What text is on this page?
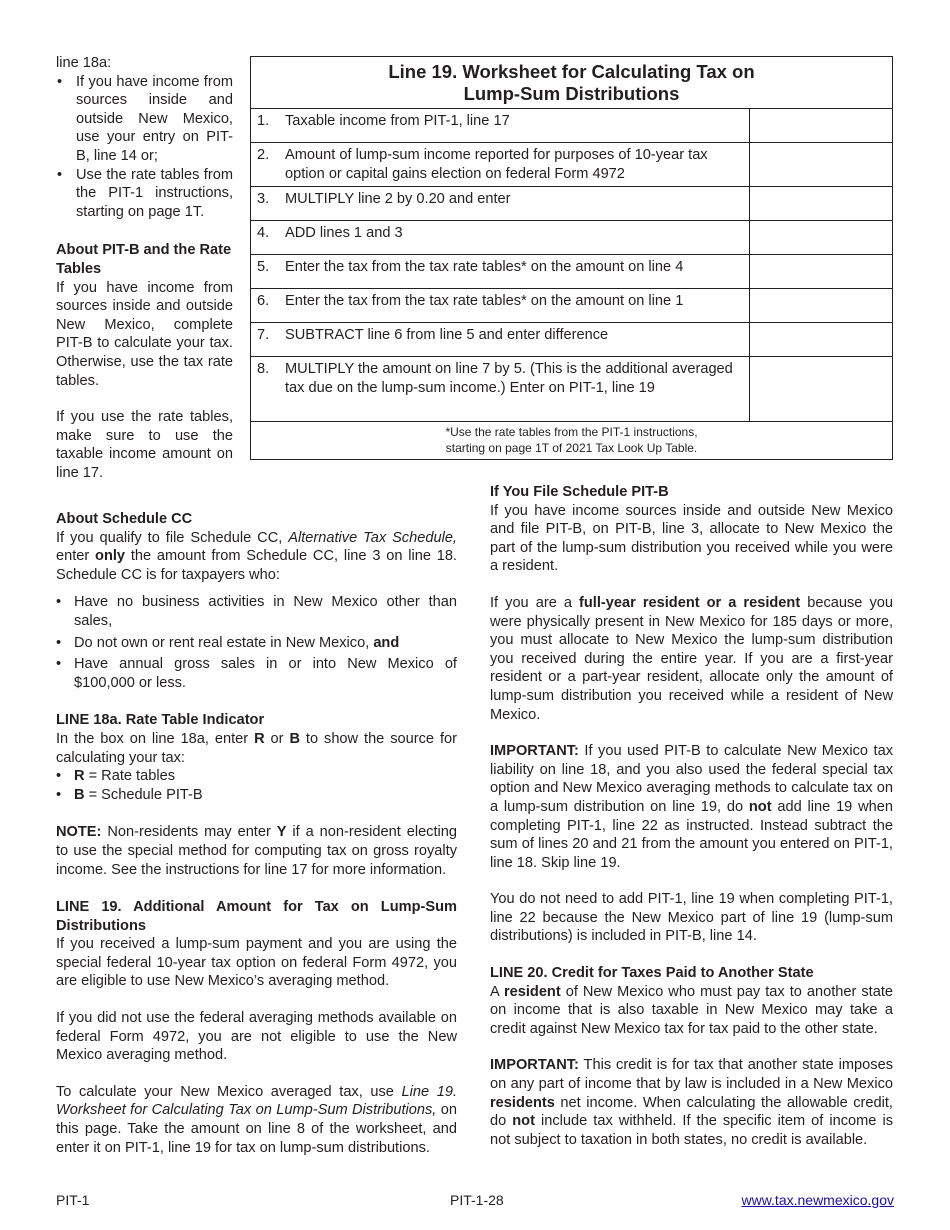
line 18a:

• If you have income from sources inside and outside New Mexico, use your entry on PIT-B, line 14 or;
• Use the rate tables from the PIT-1 instructions, starting on page 1T.
About PIT-B and the Rate Tables

If you have income from sources inside and outside New Mexico, complete PIT-B to calculate your tax. Otherwise, use the tax rate tables.

If you use the rate tables, make sure to use the taxable income amount on line 17.

Line 19. Worksheet for Calculating Tax on
Lump-Sum Distributions
1.	Taxable income from PIT-1, line 17
2.	Amount of lump-sum income reported for purposes of 10-year tax option or capital gains election on federal Form 4972
3.	MULTIPLY line 2 by 0.20 and enter
4.	ADD lines 1 and 3
5.	Enter the tax from the tax rate tables* on the amount on line 4
6.	Enter the tax from the tax rate tables* on the amount on line 1
7.	SUBTRACT line 6 from line 5 and enter difference
8.	MULTIPLY the amount on line 7 by 5. (This is the additional averaged tax due on the lump-sum income.) Enter on PIT-1, line 19
*Use the rate tables from the PIT-1 instructions,
starting on page 1T of 2021 Tax Look Up Table.
About Schedule CC

If you qualify to file Schedule CC, Alternative Tax Schedule, enter only the amount from Schedule CC, line 3 on line 18. Schedule CC is for taxpayers who:

• Have no business activities in New Mexico other than sales,
• Do not own or rent real estate in New Mexico, and
• Have annual gross sales in or into New Mexico of $100,000 or less.
LINE 18a. Rate Table Indicator

In the box on line 18a, enter R or B to show the source for calculating your tax:

• R = Rate tables
• B = Schedule PIT-B

NOTE: Non-residents may enter Y if a non-resident electing to use the special method for computing tax on gross royalty income. See the instructions for line 17 for more information.

LINE 19. Additional Amount for Tax on Lump-Sum Distributions

If you received a lump-sum payment and you are using the special federal 10-year tax option on federal Form 4972, you are eligible to use New Mexico’s averaging method.

If you did not use the federal averaging methods available on federal Form 4972, you are not eligible to use the New Mexico averaging method.

To calculate your New Mexico averaged tax, use Line 19. Worksheet for Calculating Tax on Lump-Sum Distributions, on this page. Take the amount on line 8 of the worksheet, and enter it on PIT-1, line 19 for tax on lump-sum distributions.

If You File Schedule PIT-B

If you have income sources inside and outside New Mexico and file PIT-B, on PIT-B, line 3, allocate to New Mexico the part of the lump-sum distribution you received while you were a resident.

If you are a full-year resident or a resident because you were physically present in New Mexico for 185 days or more, you must allocate to New Mexico the lump-sum distribution you received during the entire year. If you are a first-year resident or a part-year resident, allocate only the amount of lump-sum distribution you received while a resident of New Mexico.

IMPORTANT: If you used PIT-B to calculate New Mexico tax liability on line 18, and you also used the federal special tax option and New Mexico averaging methods to calculate tax on a lump-sum distribution on line 19, do not add line 19 when completing PIT-1, line 22 as instructed. Instead subtract the sum of lines 20 and 21 from the amount you entered on PIT-1, line 18. Skip line 19.

You do not need to add PIT-1, line 19 when completing PIT-1, line 22 because the New Mexico part of line 19 (lump-sum distributions) is included in PIT-B, line 14.

LINE 20. Credit for Taxes Paid to Another State

A resident of New Mexico who must pay tax to another state on income that is also taxable in New Mexico may take a credit against New Mexico tax for tax paid to the other state.

IMPORTANT: This credit is for tax that another state imposes on any part of income that by law is included in a New Mexico residents net income. When calculating the allowable credit, do not include tax withheld. If the specific item of income is not subject to taxation in both states, no credit is available.

PIT-1	PIT-1-28	www.tax.newmexico.gov
